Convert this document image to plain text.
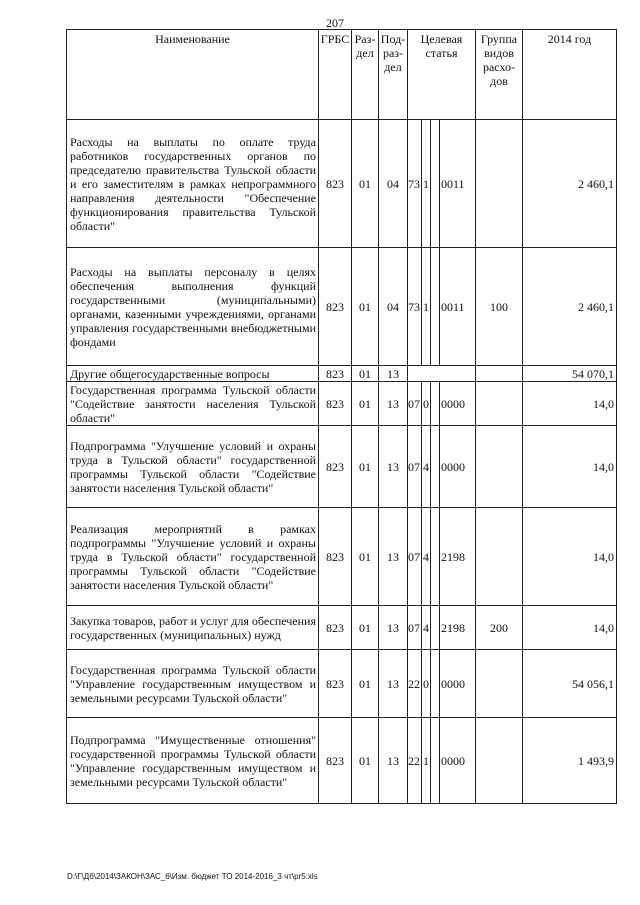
207
Наименование	ГРБС	Раз-дел	Под-раз-дел	Целевая статья				Группа видов расхо-дов	2014 год
Расходы на выплаты по оплате труда работников государственных органов по председателю правительства Тульской области и его заместителям в рамках непрограммного направления деятельности "Обеспечение функционирования правительства Тульской области"	823	01	04	73	1		0011		2 460,1
Расходы на выплаты персоналу в целях обеспечения выполнения функций государственными (муниципальными) органами, казенными учреждениями, органами управления государственными внебюджетными фондами	823	01	04	73	1		0011	100	2 460,1
Другие общегосударственные вопросы	823	01	13						54 070,1
Государственная программа Тульской области "Содействие занятости населения Тульской области"	823	01	13	07	0		0000		14,0
Подпрограмма "Улучшение условий и охраны труда в Тульской области" государственной программы Тульской области "Содействие занятости населения Тульской области"	823	01	13	07	4		0000		14,0
Реализация мероприятий в рамках подпрограммы "Улучшение условий и охраны труда в Тульской области" государственной программы Тульской области "Содействие занятости населения Тульской области"	823	01	13	07	4		2198		14,0
Закупка товаров, работ и услуг для обеспечения государственных (муниципальных) нужд	823	01	13	07	4		2198	200	14,0
Государственная программа Тульской области "Управление государственным имуществом и земельными ресурсами Тульской области"	823	01	13	22	0		0000		54 056,1
Подпрограмма "Имущественные отношения" государственной программы Тульской области "Управление государственным имуществом и земельными ресурсами Тульской области"	823	01	13	22	1		0000		1 493,9
D:\Г\Дб\2014\ЗАКОН\ЗАС_6\Изм. бюджет ТО 2014-2016_3 чт\pr5.xls
